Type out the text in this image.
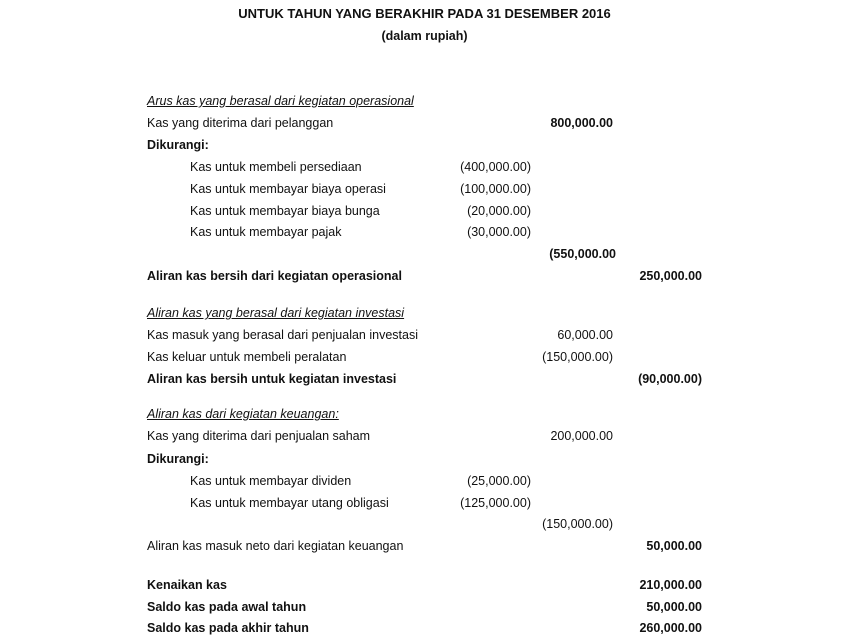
UNTUK TAHUN YANG BERAKHIR PADA 31 DESEMBER 2016
(dalam rupiah)
Arus kas yang berasal dari kegiatan operasional
Kas yang diterima dari pelanggan	800,000.00
Dikurangi:
Kas untuk membeli persediaan	(400,000.00)
Kas untuk membayar biaya operasi	(100,000.00)
Kas untuk membayar biaya bunga	(20,000.00)
Kas untuk membayar pajak	(30,000.00)
(550,000.00
Aliran kas bersih dari kegiatan operasional	250,000.00
Aliran kas yang berasal dari kegiatan investasi
Kas masuk yang berasal dari penjualan investasi	60,000.00
Kas keluar untuk membeli peralatan	(150,000.00)
Aliran kas bersih untuk kegiatan investasi	(90,000.00)
Aliran kas dari kegiatan keuangan:
Kas yang diterima dari penjualan saham	200,000.00
Dikurangi:
Kas untuk membayar dividen	(25,000.00)
Kas untuk membayar utang obligasi	(125,000.00)
(150,000.00)
Aliran kas masuk neto dari kegiatan keuangan	50,000.00
Kenaikan kas	210,000.00
Saldo kas pada awal tahun	50,000.00
Saldo kas pada akhir tahun	260,000.00
